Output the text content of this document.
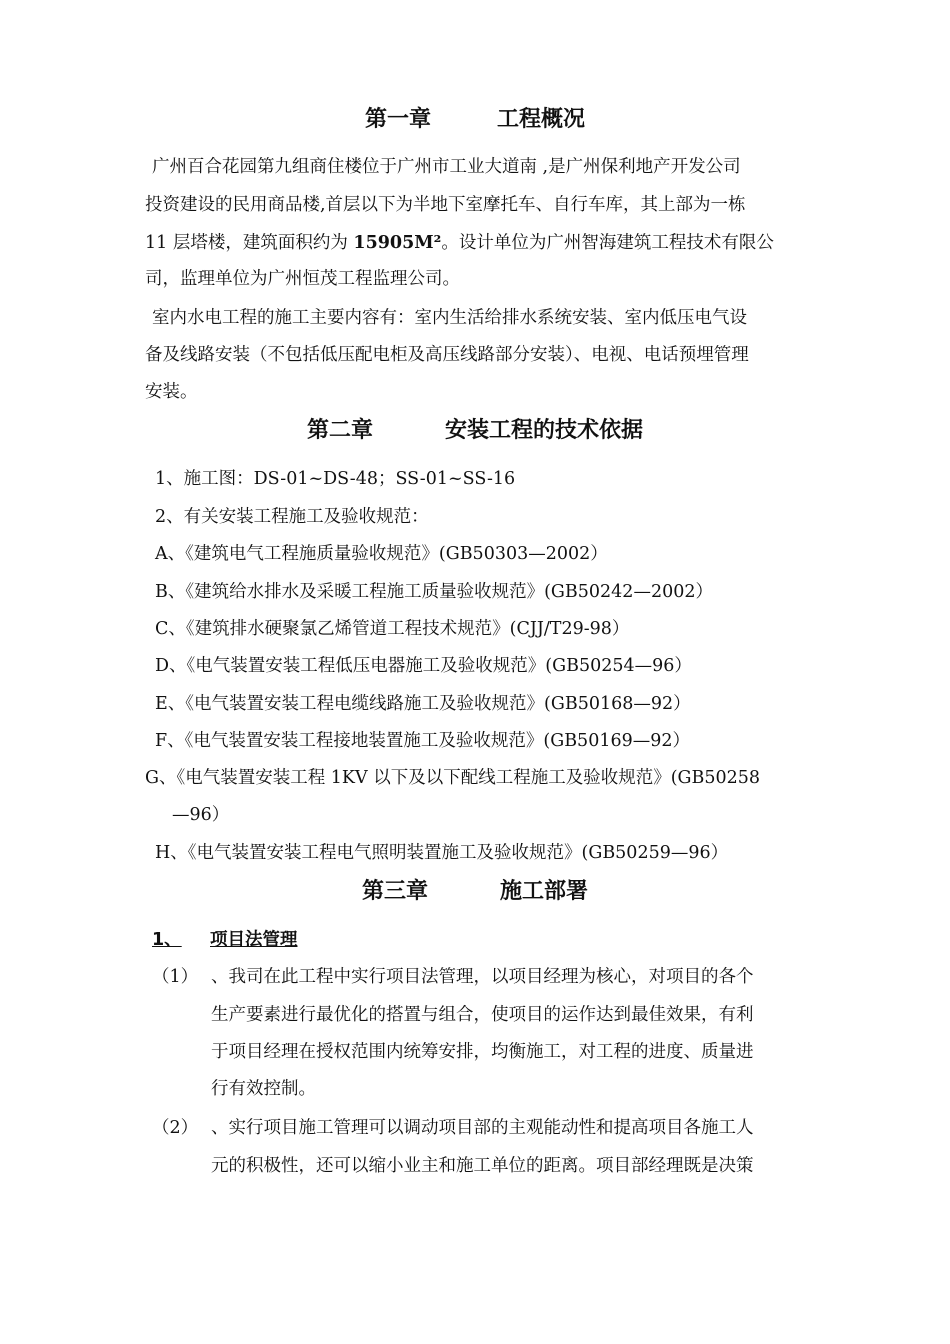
第一章	工程概况
广州百合花园第九组商住楼位于广州市工业大道南 ,是广州保利地产开发公司
投资建设的民用商品楼,首层以下为半地下室摩托车、自行车库，其上部为一栋
11 层塔楼，建筑面积约为 15905M²。设计单位为广州智海建筑工程技术有限公
司，监理单位为广州恒茂工程监理公司。
室内水电工程的施工主要内容有：室内生活给排水系统安装、室内低压电气设
备及线路安装（不包括低压配电柜及高压线路部分安装）、电视、电话预埋管理
安装。
第二章	安装工程的技术依据
1、施工图：DS-01~DS-48；SS-01~SS-16
2、有关安装工程施工及验收规范：
A、《建筑电气工程施质量验收规范》(GB50303—2002）
B、《建筑给水排水及采暖工程施工质量验收规范》(GB50242—2002）
C、《建筑排水硬聚氯乙烯管道工程技术规范》(CJJ/T29-98）
D、《电气装置安装工程低压电器施工及验收规范》(GB50254—96）
E、《电气装置安装工程电缆线路施工及验收规范》(GB50168—92）
F、《电气装置安装工程接地装置施工及验收规范》(GB50169—92）
G、《电气装置安装工程 1KV 以下及以下配线工程施工及验收规范》(GB50258
—96）
H、《电气装置安装工程电气照明装置施工及验收规范》(GB50259—96）
第三章	施工部署
1、 项目法管理
（1） 、我司在此工程中实行项目法管理，以项目经理为核心，对项目的各个
生产要素进行最优化的搭置与组合，使项目的运作达到最佳效果，有利
于项目经理在授权范围内统筹安排，均衡施工，对工程的进度、质量进
行有效控制。
（2） 、实行项目施工管理可以调动项目部的主观能动性和提高项目各施工人
元的积极性，还可以缩小业主和施工单位的距离。项目部经理既是决策
